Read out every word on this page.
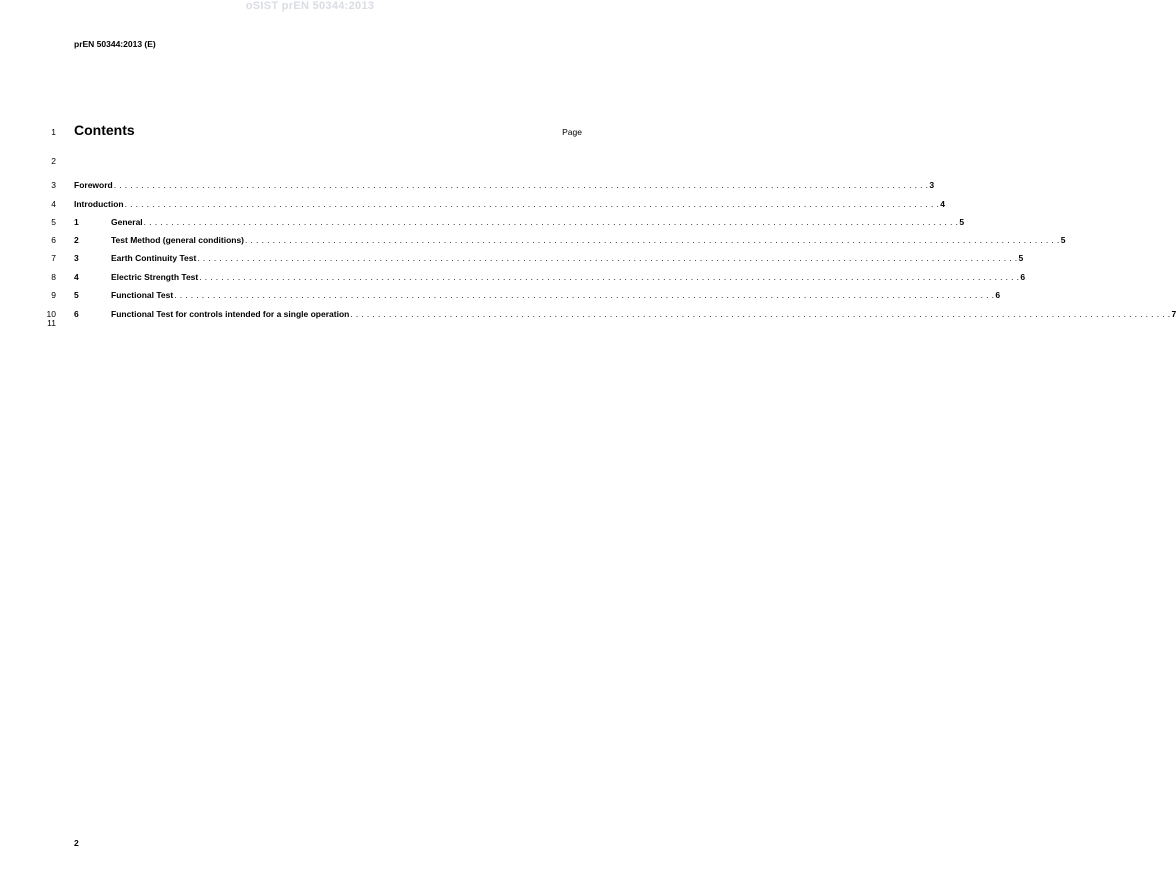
oSIST prEN 50344:2013
prEN 50344:2013 (E)
1
2
3
4
5
6
7
8
9
10
11
Contents	Page
Foreword . . . . . . . . . . . . . . . . . . . . . . . . . . . . . . . . . . . . . . . . . . . . . . . . . . . . . . . . . . . . . . . . . . . . . . . . . . . . . . . . . . . . . . . . . . . . . . . . . . . . . . . . . . . . . . . . . . . . . . . . . . . . . . . . . . . . . . . . . . . . . . . . . . . . 3
Introduction . . . . . . . . . . . . . . . . . . . . . . . . . . . . . . . . . . . . . . . . . . . . . . . . . . . . . . . . . . . . . . . . . . . . . . . . . . . . . . . . . . . . . . . . . . . . . . . . . . . . . . . . . . . . . . . . . . . . . . . . . . . . . . . . . . . . . . . . . . . . . . . . . . . . 4
1	General . . . . . . . . . . . . . . . . . . . . . . . . . . . . . . . . . . . . . . . . . . . . . . . . . . . . . . . . . . . . . . . . . . . . . . . . . . . . . . . . . . . . . . . . . . . . . . . . . . . . . . . . . . . . . . . . . . . . . . . . . . . . . . . . . . . . . . . . . . . . . . . . . . . . 5
2	Test Method (general conditions) . . . . . . . . . . . . . . . . . . . . . . . . . . . . . . . . . . . . . . . . . . . . . . . . . . . . . . . . . . . . . . . . . . . . . . . . . . . . . . . . . . . . . . . . . . . . . . . . . . . . . . . . . . . . . . . . . . . . . . . . . . . . . . . . . . . . . . . . . . . . . . . . . . . . 5
3	Earth Continuity Test . . . . . . . . . . . . . . . . . . . . . . . . . . . . . . . . . . . . . . . . . . . . . . . . . . . . . . . . . . . . . . . . . . . . . . . . . . . . . . . . . . . . . . . . . . . . . . . . . . . . . . . . . . . . . . . . . . . . . . . . . . . . . . . . . . . . . . . . . . . . . . . . . . . . . 5
4	Electric Strength Test . . . . . . . . . . . . . . . . . . . . . . . . . . . . . . . . . . . . . . . . . . . . . . . . . . . . . . . . . . . . . . . . . . . . . . . . . . . . . . . . . . . . . . . . . . . . . . . . . . . . . . . . . . . . . . . . . . . . . . . . . . . . . . . . . . . . . . . . . . . . . . . . . . . . . 6
5	Functional Test . . . . . . . . . . . . . . . . . . . . . . . . . . . . . . . . . . . . . . . . . . . . . . . . . . . . . . . . . . . . . . . . . . . . . . . . . . . . . . . . . . . . . . . . . . . . . . . . . . . . . . . . . . . . . . . . . . . . . . . . . . . . . . . . . . . . . . . . . . . . . . . . . . . . . 6
6	Functional Test for controls intended for a single operation . . . . . . . . . . . . . . . . . . . . . . . . . . . . . . . . . . . . . . . . . . . . . . . . . . . . . . . . . . . . . . . . . . . . . . . . . . . . . . . . . . . . . . . . . . . . . . . . . . . . . . . . . . . . . . . . . . . . . . . . . . . . . . . . . . . . . . . . . . . . . . . . . . . . . 7
2
